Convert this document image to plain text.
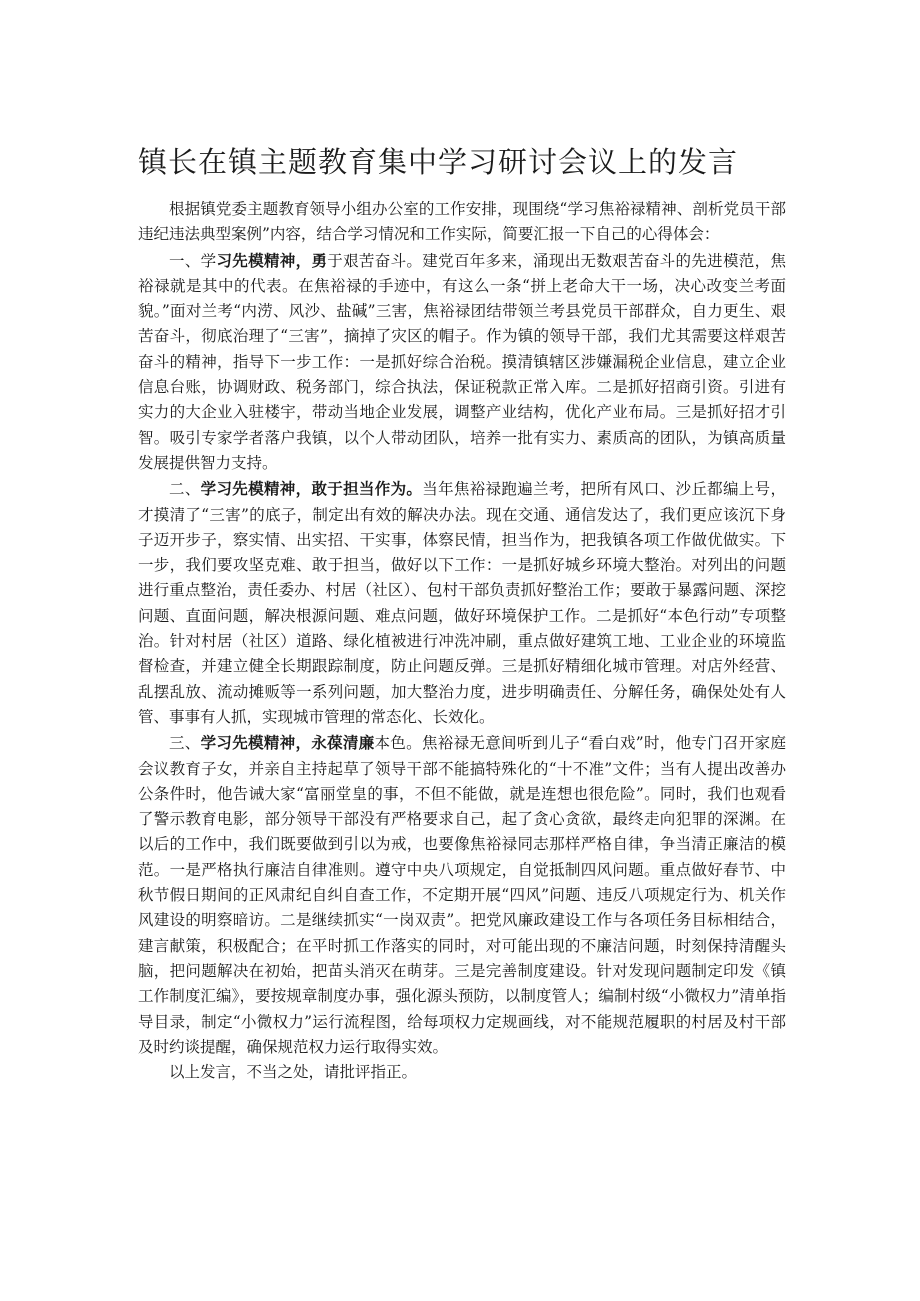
镇长在镇主题教育集中学习研讨会议上的发言

根据镇党委主题教育领导小组办公室的工作安排，现围绕“学习焦裕禄精神、剖析党员干部违纪违法典型案例”内容，结合学习情况和工作实际，简要汇报一下自己的心得体会：

一、学习先模精神，勇于艰苦奋斗。建党百年多来，涌现出无数艰苦奋斗的先进模范，焦裕禄就是其中的代表。在焦裕禄的手迹中，有这么一条“拼上老命大干一场，决心改变兰考面貌。”面对兰考“内涝、风沙、盐碱”三害，焦裕禄团结带领兰考县党员干部群众，自力更生、艰苦奋斗，彻底治理了“三害”，摘掉了灾区的帽子。作为镇的领导干部，我们尤其需要这样艰苦奋斗的精神，指导下一步工作：一是抓好综合治税。摸清镇辖区涉嫌漏税企业信息，建立企业信息台账，协调财政、税务部门，综合执法，保证税款正常入库。二是抓好招商引资。引进有实力的大企业入驻楼宇，带动当地企业发展，调整产业结构，优化产业布局。三是抓好招才引智。吸引专家学者落户我镇，以个人带动团队，培养一批有实力、素质高的团队，为镇高质量发展提供智力支持。

二、学习先模精神，敢于担当作为。当年焦裕禄跑遍兰考，把所有风口、沙丘都编上号，才摸清了“三害”的底子，制定出有效的解决办法。现在交通、通信发达了，我们更应该沉下身子迈开步子，察实情、出实招、干实事，体察民情，担当作为，把我镇各项工作做优做实。下一步，我们要攻坚克难、敢于担当，做好以下工作：一是抓好城乡环境大整治。对列出的问题进行重点整治，责任委办、村居（社区）、包村干部负责抓好整治工作；要敢于暴露问题、深挖问题、直面问题，解决根源问题、难点问题，做好环境保护工作。二是抓好“本色行动”专项整治。针对村居（社区）道路、绿化植被进行冲洗冲刷，重点做好建筑工地、工业企业的环境监督检查，并建立健全长期跟踪制度，防止问题反弹。三是抓好精细化城市管理。对店外经营、乱摆乱放、流动摊贩等一系列问题，加大整治力度，进步明确责任、分解任务，确保处处有人管、事事有人抓，实现城市管理的常态化、长效化。

三、学习先模精神，永葆清廉本色。焦裕禄无意间听到儿子“看白戏”时，他专门召开家庭会议教育子女，并亲自主持起草了领导干部不能搞特殊化的“十不准”文件；当有人提出改善办公条件时，他告诫大家“富丽堂皇的事，不但不能做，就是连想也很危险”。同时，我们也观看了警示教育电影，部分领导干部没有严格要求自己，起了贪心贪欲，最终走向犯罪的深渊。在以后的工作中，我们既要做到引以为戒，也要像焦裕禄同志那样严格自律，争当清正廉洁的模范。一是严格执行廉洁自律准则。遵守中央八项规定，自觉抵制四风问题。重点做好春节、中秋节假日期间的正风肃纪自纠自查工作，不定期开展“四风”问题、违反八项规定行为、机关作风建设的明察暗访。二是继续抓实“一岗双责”。把党风廉政建设工作与各项任务目标相结合，建言献策，积极配合；在平时抓工作落实的同时，对可能出现的不廉洁问题，时刻保持清醒头脑，把问题解决在初始，把苗头消灭在萌芽。三是完善制度建设。针对发现问题制定印发《镇工作制度汇编》，要按规章制度办事，强化源头预防，以制度管人；编制村级“小微权力”清单指导目录，制定“小微权力”运行流程图，给每项权力定规画线，对不能规范履职的村居及村干部及时约谈提醒，确保规范权力运行取得实效。

以上发言，不当之处，请批评指正。
